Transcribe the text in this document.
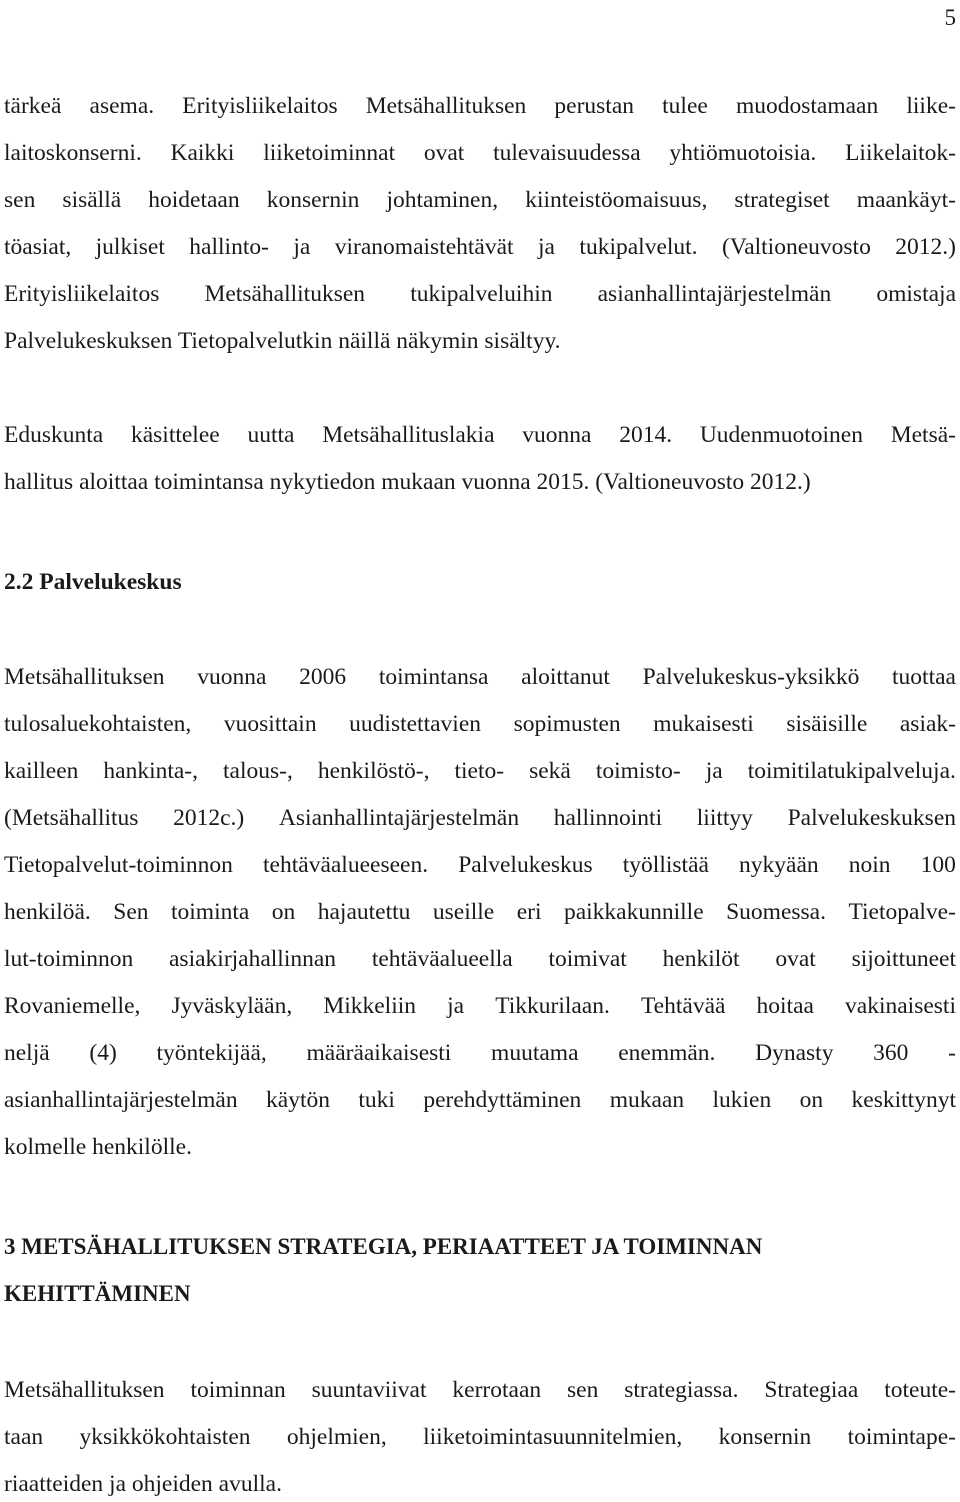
5
tärkeä asema. Erityisliikelaitos Metsähallituksen perustan tulee muodostamaan liike-
laitoskonserni. Kaikki liiketoiminnat ovat tulevaisuudessa yhtiömuotoisia. Liikelaitok-
sen sisällä hoidetaan konsernin johtaminen, kiinteistöomaisuus, strategiset maankäyt-
töasiat, julkiset hallinto- ja viranomaistehtävät ja tukipalvelut. (Valtioneuvosto 2012.)
Erityisliikelaitos Metsähallituksen tukipalveluihin asianhallintajärjestelmän omistaja
Palvelukeskuksen Tietopalvelutkin näillä näkymin sisältyy.
Eduskunta käsittelee uutta Metsähallituslakia vuonna 2014. Uudenmuotoinen Metsä-
hallitus aloittaa toimintansa nykytiedon mukaan vuonna 2015. (Valtioneuvosto 2012.)
2.2 Palvelukeskus
Metsähallituksen vuonna 2006 toimintansa aloittanut Palvelukeskus-yksikkö tuottaa
tulosaluekohtaisten, vuosittain uudistettavien sopimusten mukaisesti sisäisille asiak-
kailleen hankinta-, talous-, henkilöstö-, tieto- sekä toimisto- ja toimitilatukipalveluja.
(Metsähallitus 2012c.) Asianhallintajärjestelmän hallinnointi liittyy Palvelukeskuksen
Tietopalvelut-toiminnon tehtäväalueeseen. Palvelukeskus työllistää nykyään noin 100
henkilöä. Sen toiminta on hajautettu useille eri paikkakunnille Suomessa. Tietopalve-
lut-toiminnon asiakirjahallinnan tehtäväalueella toimivat henkilöt ovat sijoittuneet
Rovaniemelle, Jyväskylään, Mikkeliin ja Tikkurilaan. Tehtävää hoitaa vakinaisesti
neljä (4) työntekijää, määräaikaisesti muutama enemmän. Dynasty 360 -
asianhallintajärjestelmän käytön tuki perehdyttäminen mukaan lukien on keskittynyt
kolmelle henkilölle.
3 METSÄHALLITUKSEN STRATEGIA, PERIAATTEET JA TOIMINNAN
KEHITTÄMINEN
Metsähallituksen toiminnan suuntaviivat kerrotaan sen strategiassa. Strategiaa toteute-
taan yksikkökohtaisten ohjelmien, liiketoimintasuunnitelmien, konsernin toimintape-
riaatteiden ja ohjeiden avulla.
